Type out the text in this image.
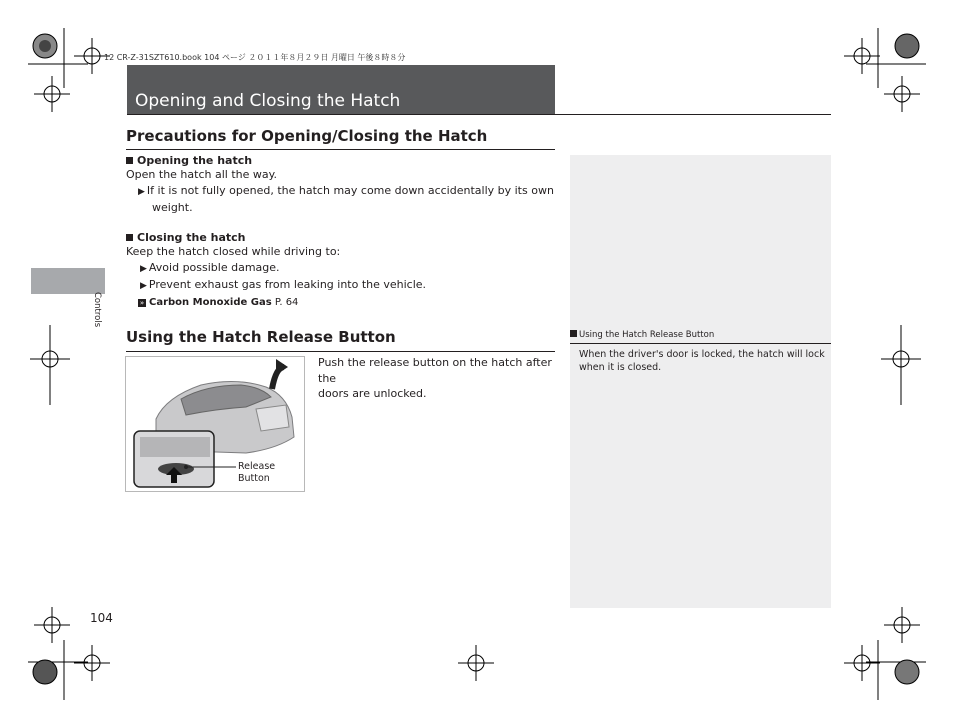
12 CR-Z-31SZT610.book 104 ページ ２０１１年８月２９日 月曜日 午後８時８分
Opening and Closing the Hatch
Controls
Precautions for Opening/Closing the Hatch
Opening the hatch
Open the hatch all the way.
▶ If it is not fully opened, the hatch may come down accidentally by its own
weight.
Closing the hatch
Keep the hatch closed while driving to:
▶ Avoid possible damage.
▶ Prevent exhaust gas from leaking into the vehicle.
» Carbon Monoxide Gas P. 64
Using the Hatch Release Button
Push the release button on the hatch after the
doors are unlocked.
Release
Button
Using the Hatch Release Button
When the driver's door is locked, the hatch will lock
when it is closed.
104
